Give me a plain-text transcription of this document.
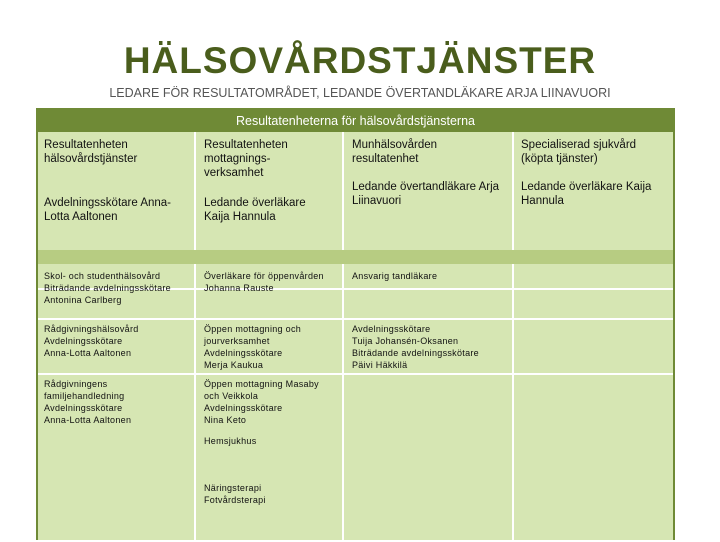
HÄLSOVÅRDSTJÄNSTER
LEDARE FÖR RESULTATOMRÅDET, LEDANDE ÖVERTANDLÄKARE ARJA LIINAVUORI
Resultatenheterna för hälsovårdstjänsterna
Resultatenheten hälsovårdstjänster
Avdelningsskötare Anna-Lotta Aaltonen
Resultatenheten mottagnings-verksamhet
Ledande överläkare Kaija Hannula
Munhälsovården resultatenhet
Ledande övertandläkare Arja Liinavuori
Specialiserad sjukvård (köpta tjänster)
Ledande överläkare Kaija Hannula
Skol- och studenthälsovård
Biträdande avdelningsskötare
Antonina Carlberg
Rådgivningshälsovård
Avdelningsskötare
Anna-Lotta Aaltonen
Rådgivningens
familjehandledning
Avdelningsskötare
Anna-Lotta Aaltonen
Överläkare för öppenvården
Johanna Rauste
Öppen mottagning och
jourverksamhet
Avdelningsskötare
Merja Kaukua
Öppen mottagning Masaby
och Veikkola
Avdelningsskötare
Nina Keto
Hemsjukhus
Näringsterapi
Fotvårdsterapi
Ansvarig tandläkare
Avdelningsskötare
Tuija Johansén-Oksanen
Biträdande avdelningsskötare
Päivi Häkkilä
